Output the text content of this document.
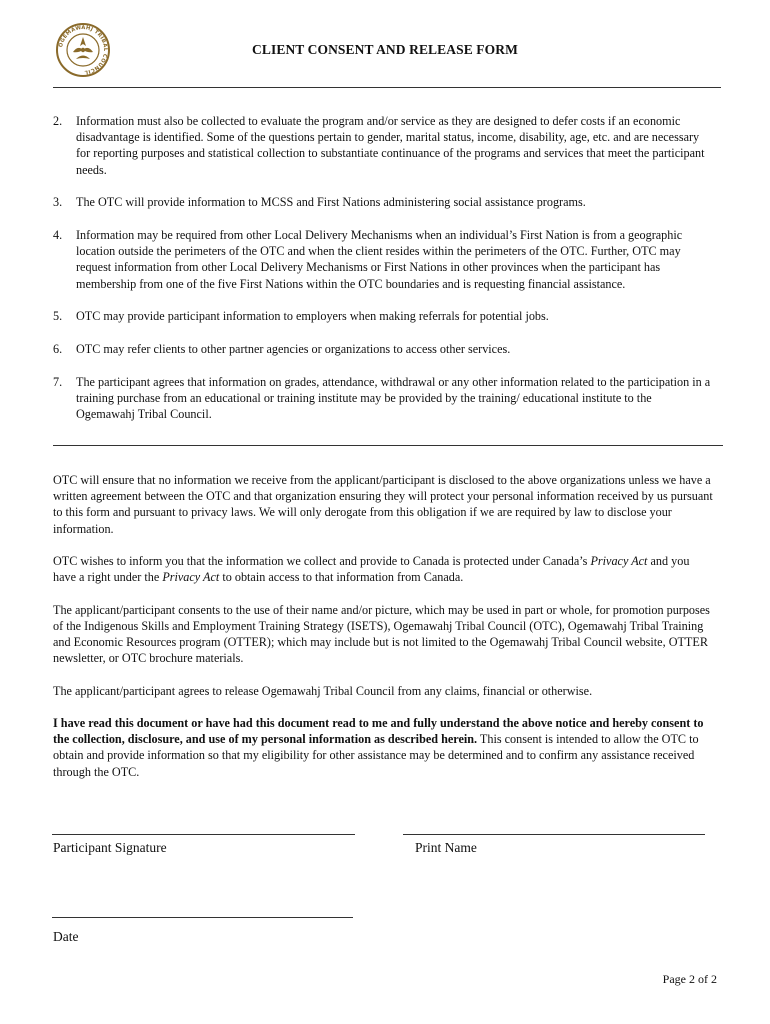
OGEMAWAHJ TRIBAL COUNCIL
CLIENT CONSENT AND RELEASE FORM
2.	Information must also be collected to evaluate the program and/or service as they are designed to defer costs if an economic disadvantage is identified. Some of the questions pertain to gender, marital status, income, disability, age, etc. and are necessary for reporting purposes and statistical collection to substantiate continuance of the programs and services that meet the participant needs.
3.	The OTC will provide information to MCSS and First Nations administering social assistance programs.
4.	Information may be required from other Local Delivery Mechanisms when an individual’s First Nation is from a geographic location outside the perimeters of the OTC and when the client resides within the perimeters of the OTC. Further, OTC may request information from other Local Delivery Mechanisms or First Nations in other provinces when the participant has membership from one of the five First Nations within the OTC boundaries and is requesting financial assistance.
5.	OTC may provide participant information to employers when making referrals for potential jobs.
6.	OTC may refer clients to other partner agencies or organizations to access other services.
7.	The participant agrees that information on grades, attendance, withdrawal or any other information related to the participation in a training purchase from an educational or training institute may be provided by the training/ educational institute to the Ogemawahj Tribal Council.

OTC will ensure that no information we receive from the applicant/participant is disclosed to the above organizations unless we have a written agreement between the OTC and that organization ensuring they will protect your personal information received by us pursuant to this form and pursuant to privacy laws. We will only derogate from this obligation if we are required by law to disclose your information.

OTC wishes to inform you that the information we collect and provide to Canada is protected under Canada’s Privacy Act and you have a right under the Privacy Act to obtain access to that information from Canada.

The applicant/participant consents to the use of their name and/or picture, which may be used in part or whole, for promotion purposes of the Indigenous Skills and Employment Training Strategy (ISETS), Ogemawahj Tribal Council (OTC), Ogemawahj Tribal Training and Economic Resources program (OTTER); which may include but is not limited to the Ogemawahj Tribal Council website, OTTER newsletter, or OTC brochure materials.

The applicant/participant agrees to release Ogemawahj Tribal Council from any claims, financial or otherwise.

I have read this document or have had this document read to me and fully understand the above notice and hereby consent to the collection, disclosure, and use of my personal information as described herein. This consent is intended to allow the OTC to obtain and provide information so that my eligibility for other assistance may be determined and to confirm any assistance received through the OTC.

Participant Signature	Print Name
Date
Page 2 of 2
